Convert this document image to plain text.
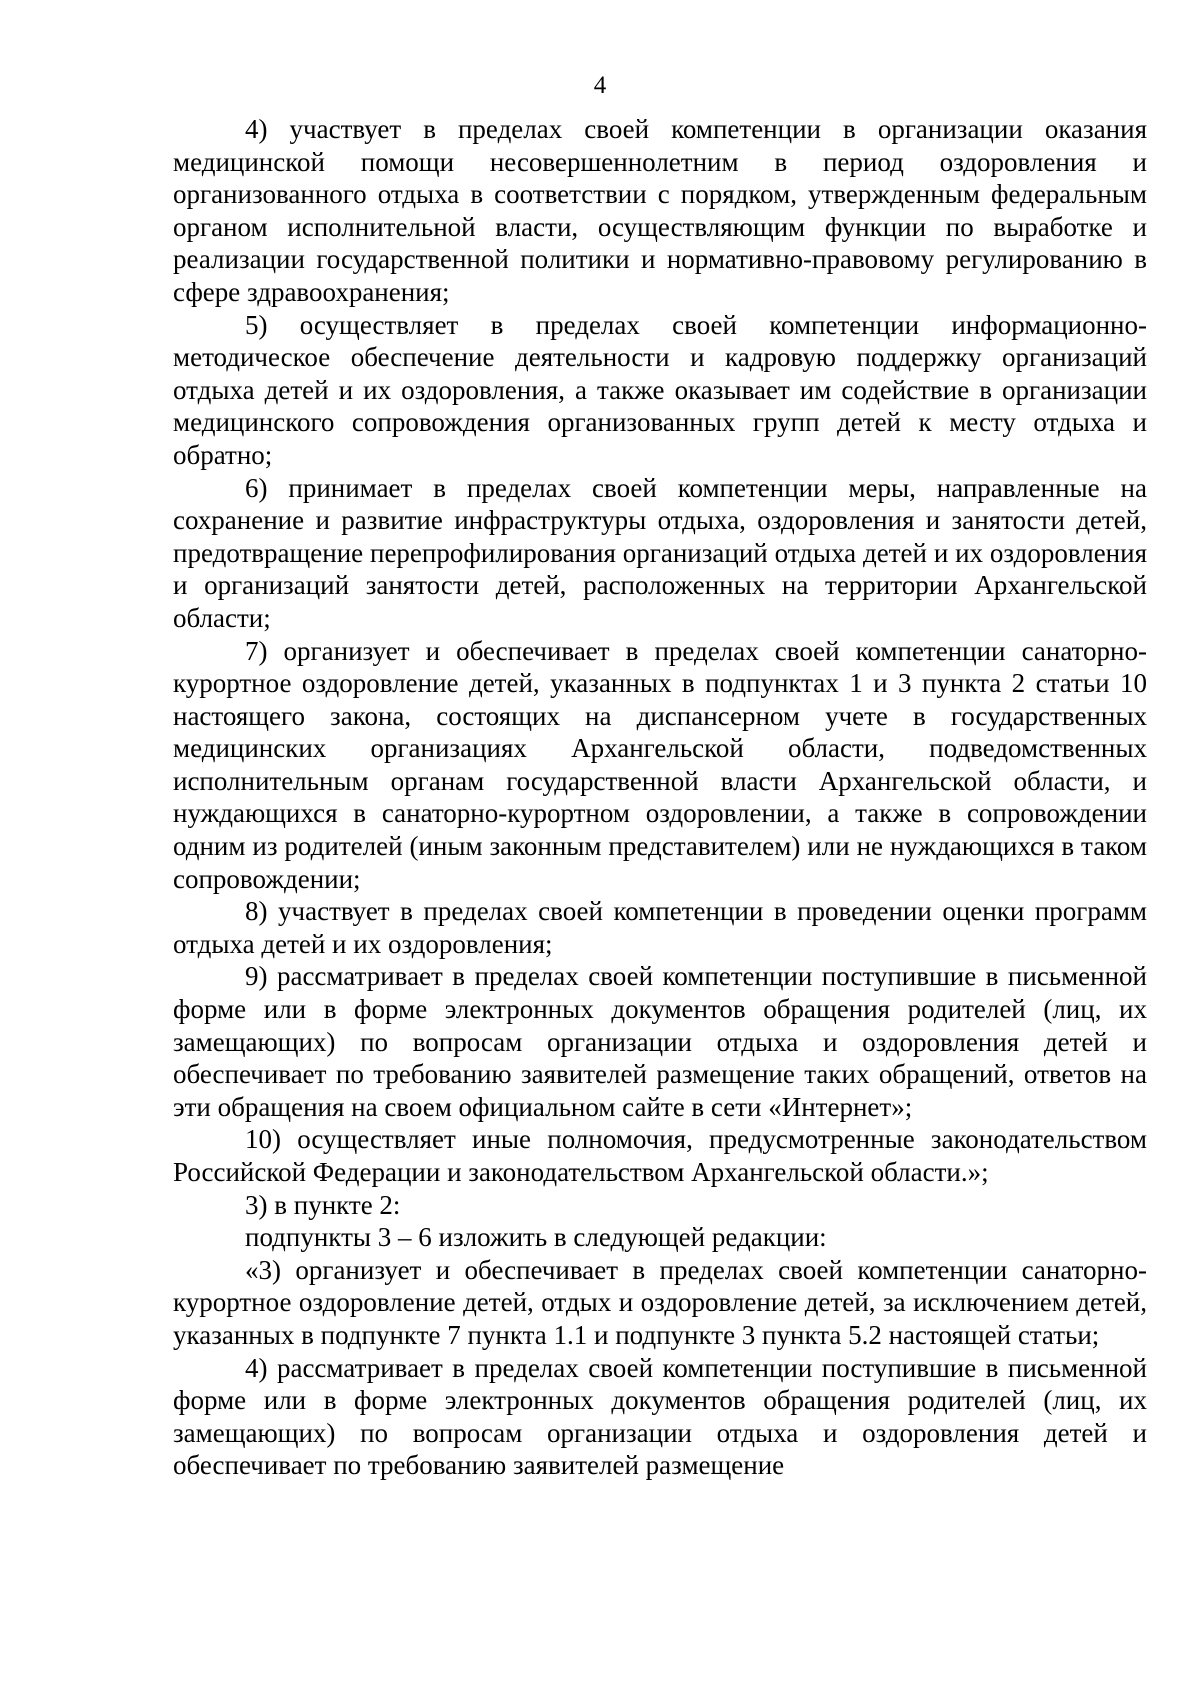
4

4) участвует в пределах своей компетенции в организации оказания медицинской помощи несовершеннолетним в период оздоровления и организованного отдыха в соответствии с порядком, утвержденным федеральным органом исполнительной власти, осуществляющим функции по выработке и реализации государственной политики и нормативно-правовому регулированию в сфере здравоохранения;

5) осуществляет в пределах своей компетенции информационно-методическое обеспечение деятельности и кадровую поддержку организаций отдыха детей и их оздоровления, а также оказывает им содействие в организации медицинского сопровождения организованных групп детей к месту отдыха и обратно;

6) принимает в пределах своей компетенции меры, направленные на сохранение и развитие инфраструктуры отдыха, оздоровления и занятости детей, предотвращение перепрофилирования организаций отдыха детей и их оздоровления и организаций занятости детей, расположенных на территории Архангельской области;

7) организует и обеспечивает в пределах своей компетенции санаторно-курортное оздоровление детей, указанных в подпунктах 1 и 3 пункта 2 статьи 10 настоящего закона, состоящих на диспансерном учете в государственных медицинских организациях Архангельской области, подведомственных исполнительным органам государственной власти Архангельской области, и нуждающихся в санаторно-курортном оздоровлении, а также в сопровождении одним из родителей (иным законным представителем) или не нуждающихся в таком сопровождении;

8) участвует в пределах своей компетенции в проведении оценки программ отдыха детей и их оздоровления;

9) рассматривает в пределах своей компетенции поступившие в письменной форме или в форме электронных документов обращения родителей (лиц, их замещающих) по вопросам организации отдыха и оздоровления детей и обеспечивает по требованию заявителей размещение таких обращений, ответов на эти обращения на своем официальном сайте в сети «Интернет»;

10) осуществляет иные полномочия, предусмотренные законодательством Российской Федерации и законодательством Архангельской области.»;

3) в пункте 2:

подпункты 3 – 6 изложить в следующей редакции:

«3) организует и обеспечивает в пределах своей компетенции санаторно-курортное оздоровление детей, отдых и оздоровление детей, за исключением детей, указанных в подпункте 7 пункта 1.1 и подпункте 3 пункта 5.2 настоящей статьи;

4) рассматривает в пределах своей компетенции поступившие в письменной форме или в форме электронных документов обращения родителей (лиц, их замещающих) по вопросам организации отдыха и оздоровления детей и обеспечивает по требованию заявителей размещение
